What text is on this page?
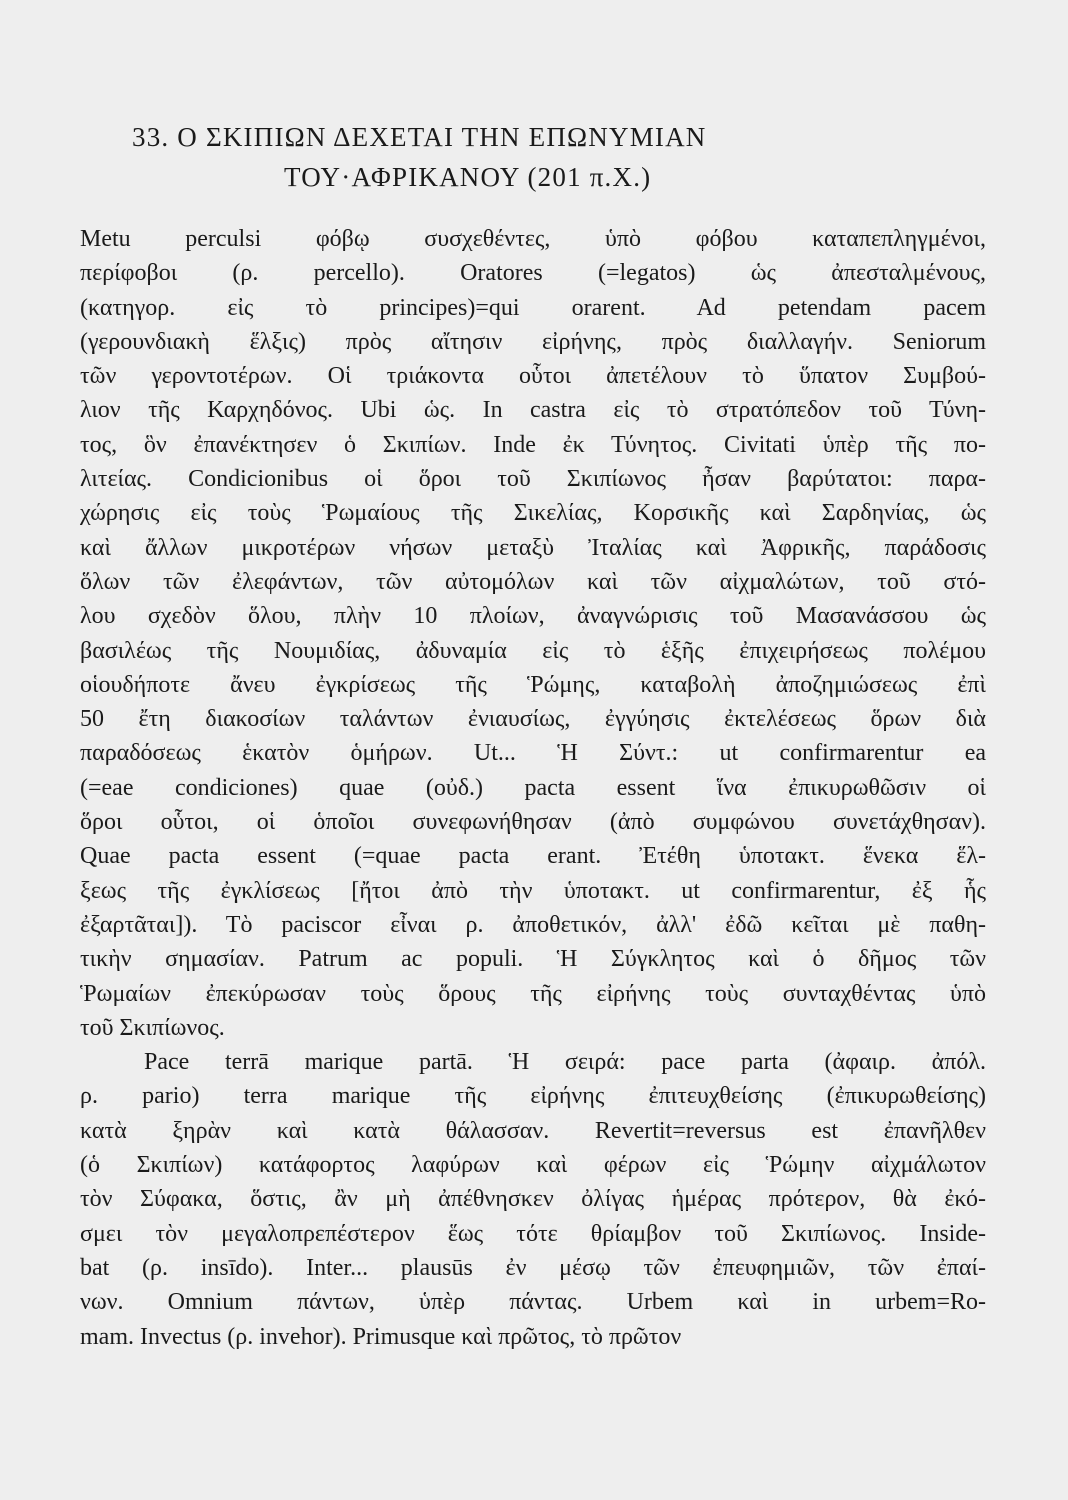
33. Ο ΣΚΙΠΙΩΝ ΔΕΧΕΤΑΙ ΤΗΝ ΕΠΩΝΥΜΙΑΝ
ΤΟΥ·ΑΦΡΙΚΑΝΟΥ (201 π.Χ.)
Metu perculsi φόβῳ συσχεθέντες, ὑπὸ φόβου καταπεπληγμένοι,
περίφοβοι (ρ. percello). Oratores (=legatos) ὡς ἀπεσταλμένους,
(κατηγορ. εἰς τὸ principes)=qui orarent. Ad petendam pacem
(γερουνδιακὴ ἕλξις) πρὸς αἴτησιν εἰρήνης, πρὸς διαλλαγήν. Seniorum
τῶν γεροντοτέρων. Οἱ τριάκοντα οὗτοι ἀπετέλουν τὸ ὕπατον Συμβού-
λιον τῆς Καρχηδόνος. Ubi ὡς. In castra εἰς τὸ στρατόπεδον τοῦ Τύνη-
τος, ὃν ἐπανέκτησεν ὁ Σκιπίων. Inde ἐκ Τύνητος. Civitati ὑπὲρ τῆς πο-
λιτείας. Condicionibus οἱ ὅροι τοῦ Σκιπίωνος ἦσαν βαρύτατοι: παρα-
χώρησις εἰς τοὺς Ῥωμαίους τῆς Σικελίας, Κορσικῆς καὶ Σαρδηνίας, ὡς
καὶ ἄλλων μικροτέρων νήσων μεταξὺ Ἰταλίας καὶ Ἀφρικῆς, παράδοσις
ὅλων τῶν ἐλεφάντων, τῶν αὐτομόλων καὶ τῶν αἰχμαλώτων, τοῦ στό-
λου σχεδὸν ὅλου, πλὴν 10 πλοίων, ἀναγνώρισις τοῦ Μασανάσσου ὡς
βασιλέως τῆς Νουμιδίας, ἀδυναμία εἰς τὸ ἑξῆς ἐπιχειρήσεως πολέμου
οἱουδήποτε ἄνευ ἐγκρίσεως τῆς Ῥώμης, καταβολὴ ἀποζημιώσεως ἐπὶ
50 ἔτη διακοσίων ταλάντων ἐνιαυσίως, ἐγγύησις ἐκτελέσεως ὅρων διὰ
παραδόσεως ἑκατὸν ὁμήρων. Ut... Ἡ Σύντ.: ut confirmarentur ea
(=eae condiciones) quae (οὐδ.) pacta essent ἵνα ἐπικυρωθῶσιν οἱ
ὅροι οὗτοι, οἱ ὁποῖοι συνεφωνήθησαν (ἀπὸ συμφώνου συνετάχθησαν).
Quae pacta essent (=quae pacta erant. Ἐτέθη ὑποτακτ. ἕνεκα ἕλ-
ξεως τῆς ἐγκλίσεως [ἤτοι ἀπὸ τὴν ὑποτακτ. ut confirmarentur, ἐξ ἧς
ἐξαρτᾶται]). Τὸ paciscor εἶναι ρ. ἀποθετικόν, ἀλλ' ἐδῶ κεῖται μὲ παθη-
τικὴν σημασίαν. Patrum ac populi. Ἡ Σύγκλητος καὶ ὁ δῆμος τῶν
Ῥωμαίων ἐπεκύρωσαν τοὺς ὅρους τῆς εἰρήνης τοὺς συνταχθέντας ὑπὸ
τοῦ Σκιπίωνος.
Pace terrā marique partā. Ἡ σειρά: pace parta (ἀφαιρ. ἀπόλ.
ρ. pario) terra marique τῆς εἰρήνης ἐπιτευχθείσης (ἐπικυρωθείσης)
κατὰ ξηρὰν καὶ κατὰ θάλασσαν. Revertit=reversus est ἐπανῆλθεν
(ὁ Σκιπίων) κατάφορτος λαφύρων καὶ φέρων εἰς Ῥώμην αἰχμάλωτον
τὸν Σύφακα, ὅστις, ἂν μὴ ἀπέθνησκεν ὀλίγας ἡμέρας πρότερον, θὰ ἐκό-
σμει τὸν μεγαλοπρεπέστερον ἕως τότε θρίαμβον τοῦ Σκιπίωνος. Inside-
bat (ρ. insīdo). Inter... plausūs ἐν μέσῳ τῶν ἐπευφημιῶν, τῶν ἐπαί-
νων. Omnium πάντων, ὑπὲρ πάντας. Urbem καὶ in urbem=Ro-
mam. Invectus (ρ. invehor). Primusque καὶ πρῶτος, τὸ πρῶτον
